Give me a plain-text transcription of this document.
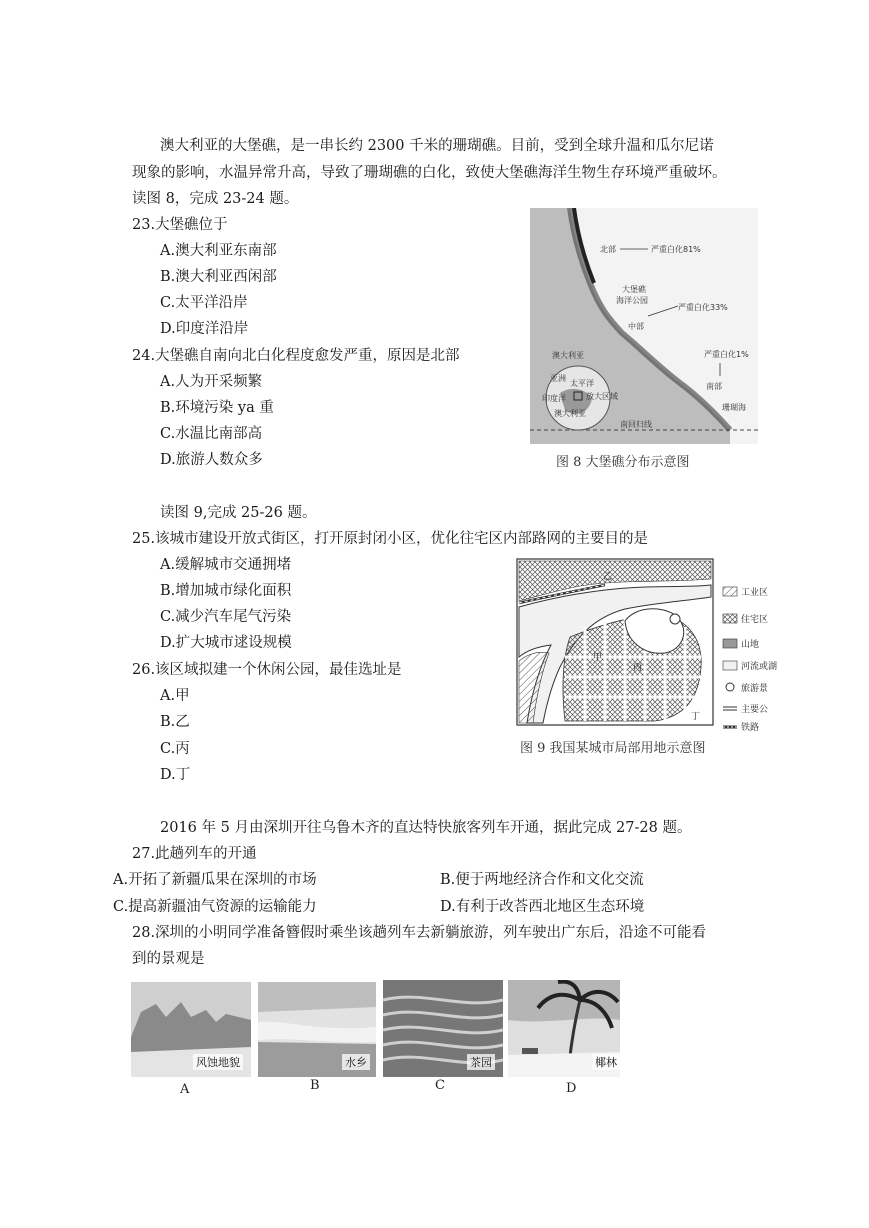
澳大利亚的大堡礁，是一串长约 2300 千米的珊瑚礁。目前，受到全球升温和瓜尔尼诺
现象的影响，水温异常升高，导致了珊瑚礁的白化，致使大堡礁海洋生物生存环境严重破坏。
读图 8，完成 23-24 题。
23.大堡礁位于
A.澳大利亚东南部
B.澳大利亚西闲部
C.太平洋沿岸
D.印度洋沿岸
24.大堡礁自南向北白化程度愈发严重，原因是北部
A.人为开采频繁
B.环境污染 ya 重
C.水温比南部高
D.旅游人数众多
北部	严重白化81%
大堡礁
海洋公园
严重白化33%
中部
澳大利亚	严重白化1%
南部
珊瑚海
南回归线
亚洲
太平洋
印度洋	放大区域
澳大利亚
图 8 大堡礁分布示意图
读图 9,完成 25-26 题。
25.该城市建设开放式街区，打开原封闭小区，优化往宅区内部路网的主要目的是
A.缓解城市交通拥堵
B.增加城市绿化面积
C.减少汽车尾气污染
D.扩大城市逑设规模
26.该区域拟建一个休闲公园，最佳选址是
A.甲
B.乙
C.丙
D.丁
乙
甲
丙
丁
工业区
住宅区
山地
河流或湖
旅游景
主要公
铁路
图 9 我国某城市局部用地示意图
2016 年 5 月由深圳开往乌鲁木齐的直达特快旅客列车开通，据此完成 27-28 题。
27.此趟列车的开通
A.开拓了新疆瓜果在深圳的市场	B.便于两地经济合作和文化交流
C.提高新疆油气资源的运输能力	D.有利于改荅西北地区生态环境
28.深圳的小明同学准备簪假时乘坐该趟列车去新躺旅游，列车驶出广东后，沿途不可能看
到的景观是
风蚀地貌	水乡	茶园	椰林
A	B	C	D
